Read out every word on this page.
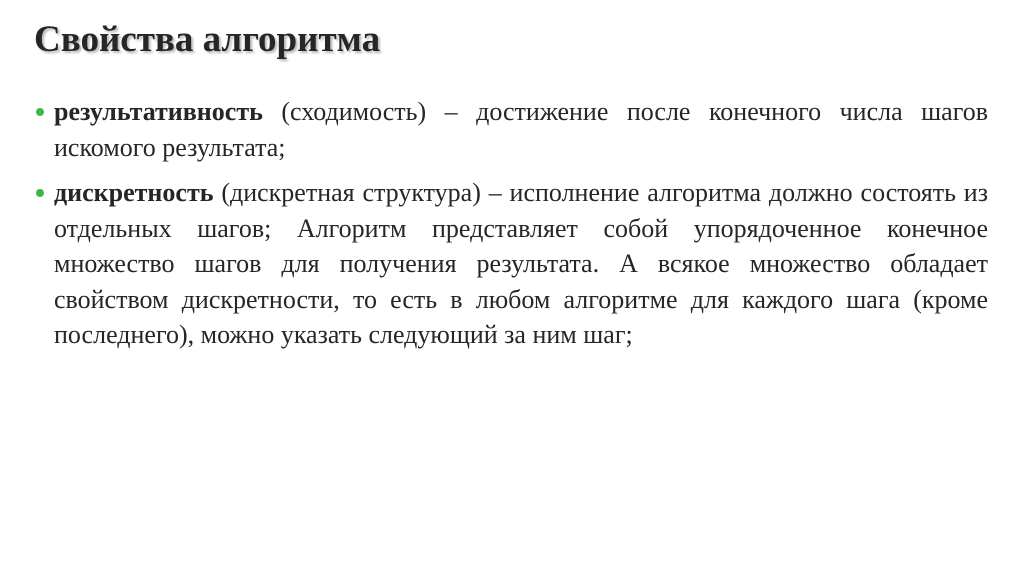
Свойства алгоритма
результативность (сходимость) – достижение после конечного числа шагов искомого результата;
дискретность (дискретная структура) – исполнение алгоритма должно состоять из отдельных шагов; Алгоритм представляет собой упорядоченное конечное множество шагов для получения результата. А всякое множество обладает свойством дискретности, то есть в любом алгоритме для каждого шага (кроме последнего), можно указать следующий за ним шаг;
